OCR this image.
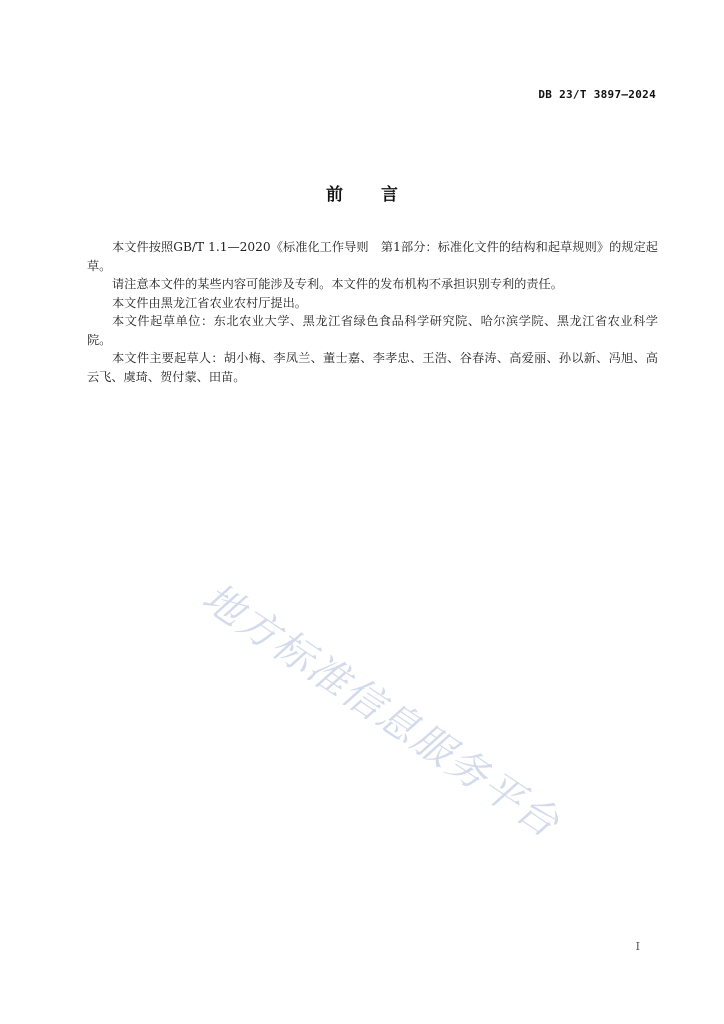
DB 23/T 3897—2024
前言

本文件按照GB/T 1.1—2020《标准化工作导则　第1部分：标准化文件的结构和起草规则》的规定起草。

请注意本文件的某些内容可能涉及专利。本文件的发布机构不承担识别专利的责任。

本文件由黑龙江省农业农村厅提出。

本文件起草单位：东北农业大学、黑龙江省绿色食品科学研究院、哈尔滨学院、黑龙江省农业科学院。

本文件主要起草人：胡小梅、李凤兰、董士嘉、李孝忠、王浩、谷春涛、高爱丽、孙以新、冯旭、高云飞、虞琦、贺付蒙、田苗。

地方标准信息服务平台
I
